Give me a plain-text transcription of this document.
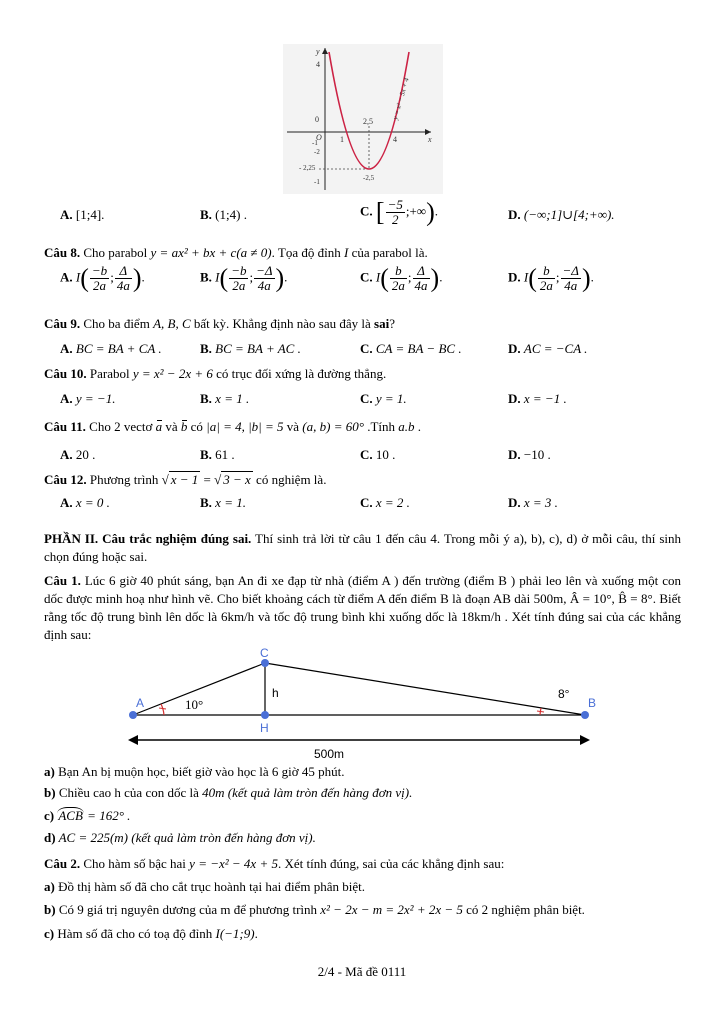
y
x
4
0
O
-1
-2
- 2,25
-1
1
2,5
4
-2,5
y = x² − 5x + 4
A. [1;4].	B. (1;4) .	C. [ $\frac{-5}{2}$ ;+∞).	D. (−∞;1]∪[4;+∞).
Câu 8. Cho parabol y = ax² + bx + c(a ≠ 0). Tọa độ đỉnh I của parabol là.
A. $I( \frac{-b}{2a}$ ; $\frac{\Delta}{4a}$ ).	B. $I( \frac{-b}{2a}$ ; $\frac{-\Delta}{4a}$ ).	C. $I( \frac{b}{2a}$ ; $\frac{\Delta}{4a}$ ).	D. $I( \frac{b}{2a}$ ; $\frac{-\Delta}{4a}$ ).
Câu 9. Cho ba điểm A, B, C bất kỳ. Khẳng định nào sau đây là sai?
A. BC = BA + CA .	B. BC = BA + AC .	C. CA = BA − BC .	D. AC = −CA .
Câu 10. Parabol y = x² − 2x + 6 có trục đối xứng là đường thẳng.
A. y = −1.	B. x = 1 .	C. y = 1.	D. x = −1 .
Câu 11. Cho 2 vectơ a và b có |a| = 4, |b| = 5 và (a, b) = 60° .Tính a.b .
A. 20 .	B. 61 .	C. 10 .	D. −10 .
Câu 12. Phương trình √ x − 1 = √ 3 − x có nghiệm là.
A. x = 0 .	B. x = 1.	C. x = 2 .	D. x = 3 .
PHẦN II. Câu trắc nghiệm đúng sai. Thí sinh trả lời từ câu 1 đến câu 4. Trong mỗi ý a), b), c), d) ở mỗi câu, thí sinh chọn đúng hoặc sai.
Câu 1. Lúc 6 giờ 40 phút sáng, bạn An đi xe đạp từ nhà (điểm A ) đến trường (điểm B ) phải leo lên và xuống một con dốc được minh hoạ như hình vẽ. Cho biết khoảng cách từ điểm A đến điểm B là đoạn AB dài 500m, Â = 10°, B̂ = 8°. Biết rằng tốc độ trung bình lên dốc là 6km/h và tốc độ trung bình khi xuống dốc là 18km/h . Xét tính đúng sai của các khẳng định sau:
A
C
H
B
h
10°
8°
500m
a) Bạn An bị muộn học, biết giờ vào học là 6 giờ 45 phút.
b) Chiều cao h của con dốc là 40m (kết quả làm tròn đến hàng đơn vị).
c) ACB = 162° .
d) AC = 225(m) (kết quả làm tròn đến hàng đơn vị).
Câu 2. Cho hàm số bậc hai y = −x² − 4x + 5. Xét tính đúng, sai của các khẳng định sau:
a) Đồ thị hàm số đã cho cắt trục hoành tại hai điểm phân biệt.
b) Có 9 giá trị nguyên dương của m để phương trình x² − 2x − m = 2x² + 2x − 5 có 2 nghiệm phân biệt.
c) Hàm số đã cho có toạ độ đỉnh I(−1;9).
2/4 - Mã đề 0111
